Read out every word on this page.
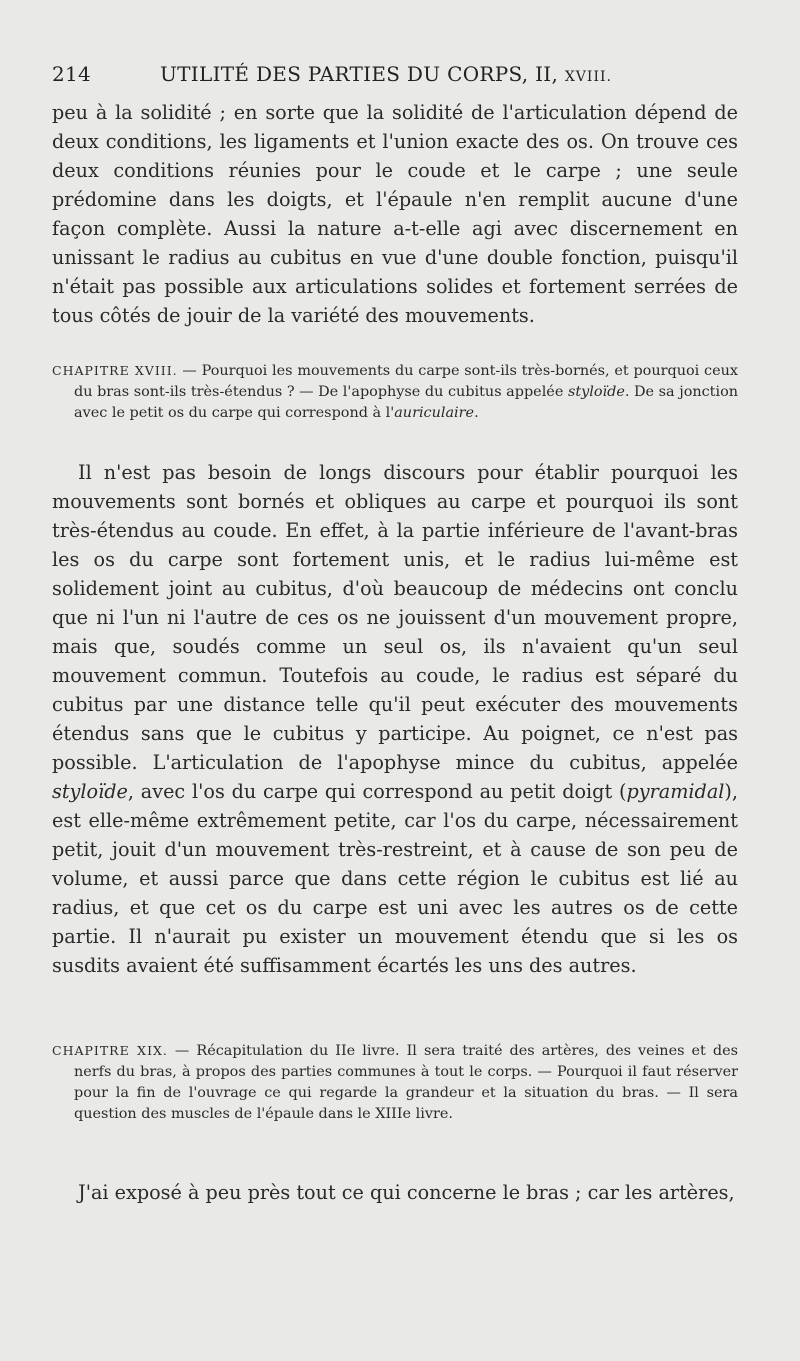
214	UTILITÉ DES PARTIES DU CORPS, II, XVIII.

peu à la solidité ; en sorte que la solidité de l'articulation dépend de deux conditions, les ligaments et l'union exacte des os. On trouve ces deux conditions réunies pour le coude et le carpe ; une seule prédomine dans les doigts, et l'épaule n'en remplit aucune d'une façon complète. Aussi la nature a-t-elle agi avec discernement en unissant le radius au cubitus en vue d'une double fonction, puisqu'il n'était pas possible aux articulations solides et fortement serrées de tous côtés de jouir de la variété des mouvements.

CHAPITRE XVIII. — Pourquoi les mouvements du carpe sont-ils très-bornés, et pourquoi ceux du bras sont-ils très-étendus ? — De l'apophyse du cubitus appelée styloïde. De sa jonction avec le petit os du carpe qui correspond à l'auriculaire.

Il n'est pas besoin de longs discours pour établir pourquoi les mouvements sont bornés et obliques au carpe et pourquoi ils sont très-étendus au coude. En effet, à la partie inférieure de l'avant-bras les os du carpe sont fortement unis, et le radius lui-même est solidement joint au cubitus, d'où beaucoup de médecins ont conclu que ni l'un ni l'autre de ces os ne jouissent d'un mouvement propre, mais que, soudés comme un seul os, ils n'avaient qu'un seul mouvement commun. Toutefois au coude, le radius est séparé du cubitus par une distance telle qu'il peut exécuter des mouvements étendus sans que le cubitus y participe. Au poignet, ce n'est pas possible. L'articulation de l'apophyse mince du cubitus, appelée styloïde, avec l'os du carpe qui correspond au petit doigt (pyramidal), est elle-même extrêmement petite, car l'os du carpe, nécessairement petit, jouit d'un mouvement très-restreint, et à cause de son peu de volume, et aussi parce que dans cette région le cubitus est lié au radius, et que cet os du carpe est uni avec les autres os de cette partie. Il n'aurait pu exister un mouvement étendu que si les os susdits avaient été suffisamment écartés les uns des autres.

CHAPITRE XIX. — Récapitulation du IIe livre. Il sera traité des artères, des veines et des nerfs du bras, à propos des parties communes à tout le corps. — Pourquoi il faut réserver pour la fin de l'ouvrage ce qui regarde la grandeur et la situation du bras. — Il sera question des muscles de l'épaule dans le XIIIe livre.

J'ai exposé à peu près tout ce qui concerne le bras ; car les artères,
